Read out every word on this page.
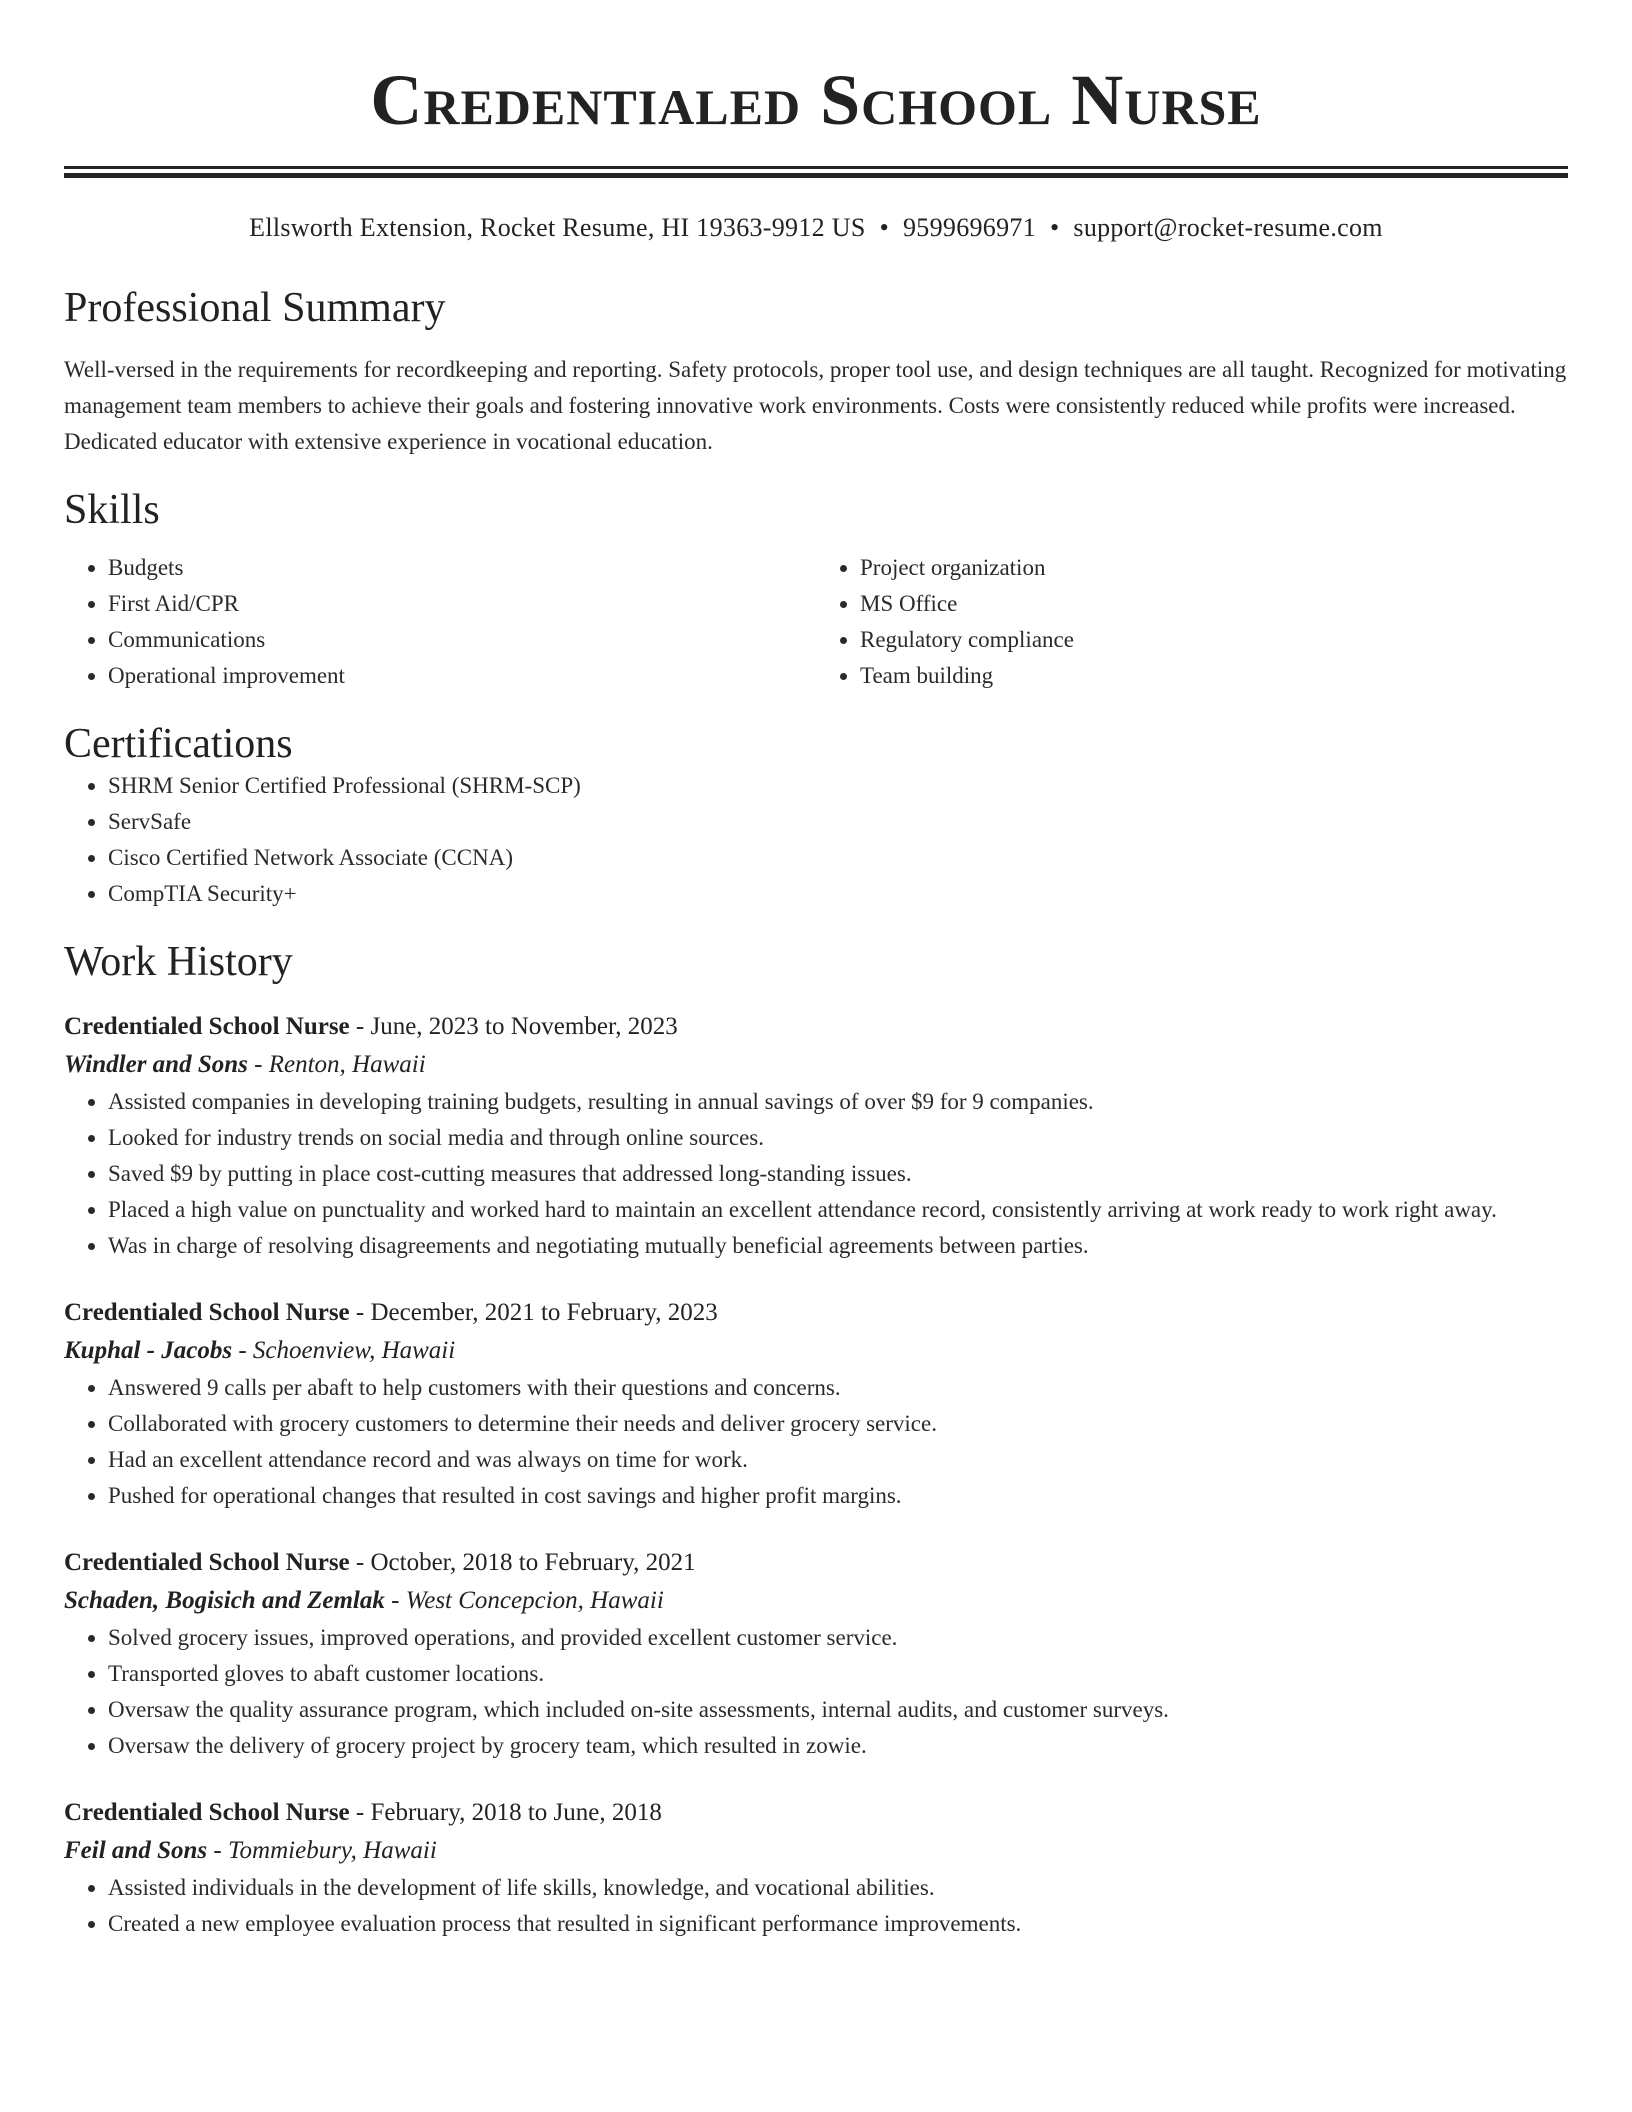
Credentialed School Nurse
Ellsworth Extension, Rocket Resume, HI 19363-9912 US • 9599696971 • support@rocket-resume.com
Professional Summary

Well-versed in the requirements for recordkeeping and reporting. Safety protocols, proper tool use, and design techniques are all taught. Recognized for motivating management team members to achieve their goals and fostering innovative work environments. Costs were consistently reduced while profits were increased. Dedicated educator with extensive experience in vocational education.

Skills
• Budgets
• First Aid/CPR
• Communications
• Operational improvement
• Project organization
• MS Office
• Regulatory compliance
• Team building
Certifications
• SHRM Senior Certified Professional (SHRM-SCP)
• ServSafe
• Cisco Certified Network Associate (CCNA)
• CompTIA Security+
Work History
Credentialed School Nurse - June, 2023 to November, 2023
Windler and Sons - Renton, Hawaii
• Assisted companies in developing training budgets, resulting in annual savings of over $9 for 9 companies.
• Looked for industry trends on social media and through online sources.
• Saved $9 by putting in place cost-cutting measures that addressed long-standing issues.
• Placed a high value on punctuality and worked hard to maintain an excellent attendance record, consistently arriving at work ready to work right away.
• Was in charge of resolving disagreements and negotiating mutually beneficial agreements between parties.
Credentialed School Nurse - December, 2021 to February, 2023
Kuphal - Jacobs - Schoenview, Hawaii
• Answered 9 calls per abaft to help customers with their questions and concerns.
• Collaborated with grocery customers to determine their needs and deliver grocery service.
• Had an excellent attendance record and was always on time for work.
• Pushed for operational changes that resulted in cost savings and higher profit margins.
Credentialed School Nurse - October, 2018 to February, 2021
Schaden, Bogisich and Zemlak - West Concepcion, Hawaii
• Solved grocery issues, improved operations, and provided excellent customer service.
• Transported gloves to abaft customer locations.
• Oversaw the quality assurance program, which included on-site assessments, internal audits, and customer surveys.
• Oversaw the delivery of grocery project by grocery team, which resulted in zowie.
Credentialed School Nurse - February, 2018 to June, 2018
Feil and Sons - Tommiebury, Hawaii
• Assisted individuals in the development of life skills, knowledge, and vocational abilities.
• Created a new employee evaluation process that resulted in significant performance improvements.
